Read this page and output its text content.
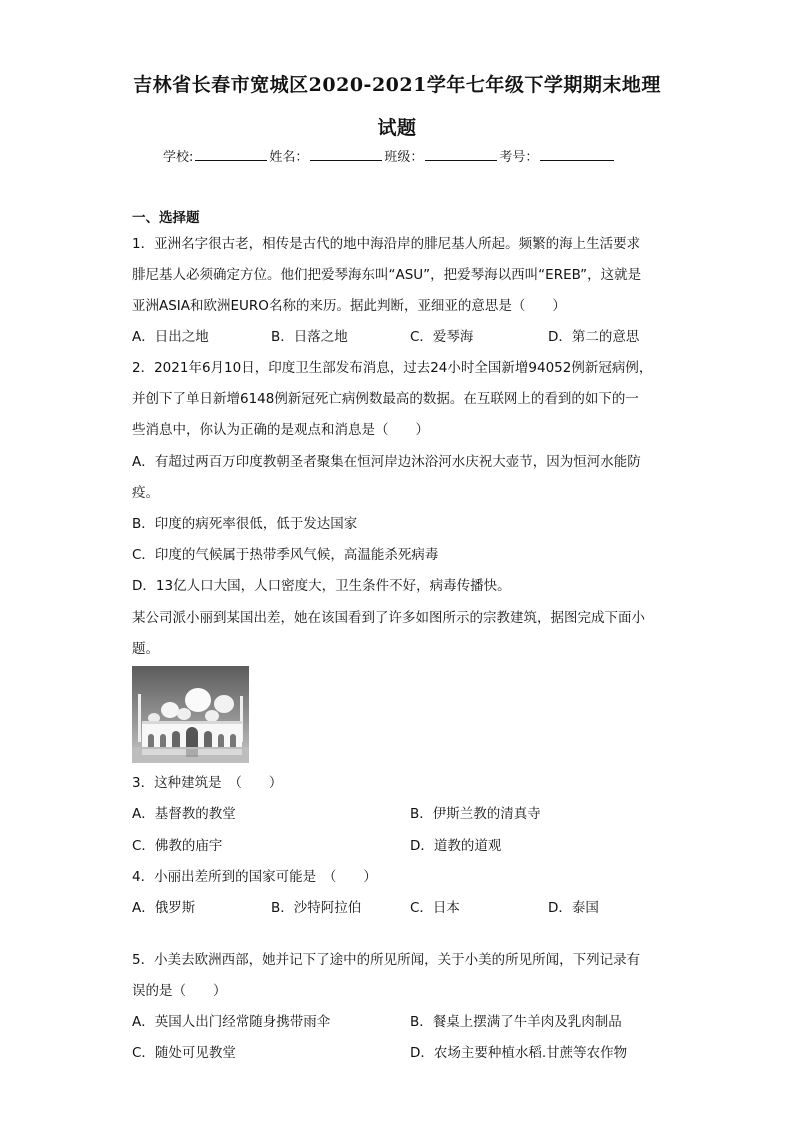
吉林省长春市宽城区2020-2021学年七年级下学期期末地理
试题
学校:	姓名：	班级：	考号：
一、选择题
1．亚洲名字很古老，相传是古代的地中海沿岸的腓尼基人所起。频繁的海上生活要求
腓尼基人必须确定方位。他们把爱琴海东叫“ASU”，把爱琴海以西叫“EREB”，这就是
亚洲ASIA和欧洲EURO名称的来历。据此判断，亚细亚的意思是（　　）
A．日出之地	B．日落之地	C．爱琴海	D．第二的意思
2．2021年6月10日，印度卫生部发布消息，过去24小时全国新增94052例新冠病例，
并创下了单日新增6148例新冠死亡病例数最高的数据。在互联网上的看到的如下的一
些消息中，你认为正确的是观点和消息是（　　）
A．有超过两百万印度教朝圣者聚集在恒河岸边沐浴河水庆祝大壶节，因为恒河水能防
疫。
B．印度的病死率很低，低于发达国家
C．印度的气候属于热带季风气候，高温能杀死病毒
D．13亿人口大国，人口密度大，卫生条件不好，病毒传播快。
某公司派小丽到某国出差，她在该国看到了许多如图所示的宗教建筑，据图完成下面小
题。
3．这种建筑是　（　　）
A．基督教的教堂	B．伊斯兰教的清真寺
C．佛教的庙宇	D．道教的道观
4．小丽出差所到的国家可能是　（　　）
A．俄罗斯	B．沙特阿拉伯	C．日本	D．泰国
5．小美去欧洲西部，她并记下了途中的所见所闻，关于小美的所见所闻，下列记录有
误的是（　　）
A．英国人出门经常随身携带雨伞	B．餐桌上摆满了牛羊肉及乳肉制品
C．随处可见教堂	D．农场主要种植水稻.甘蔗等农作物
